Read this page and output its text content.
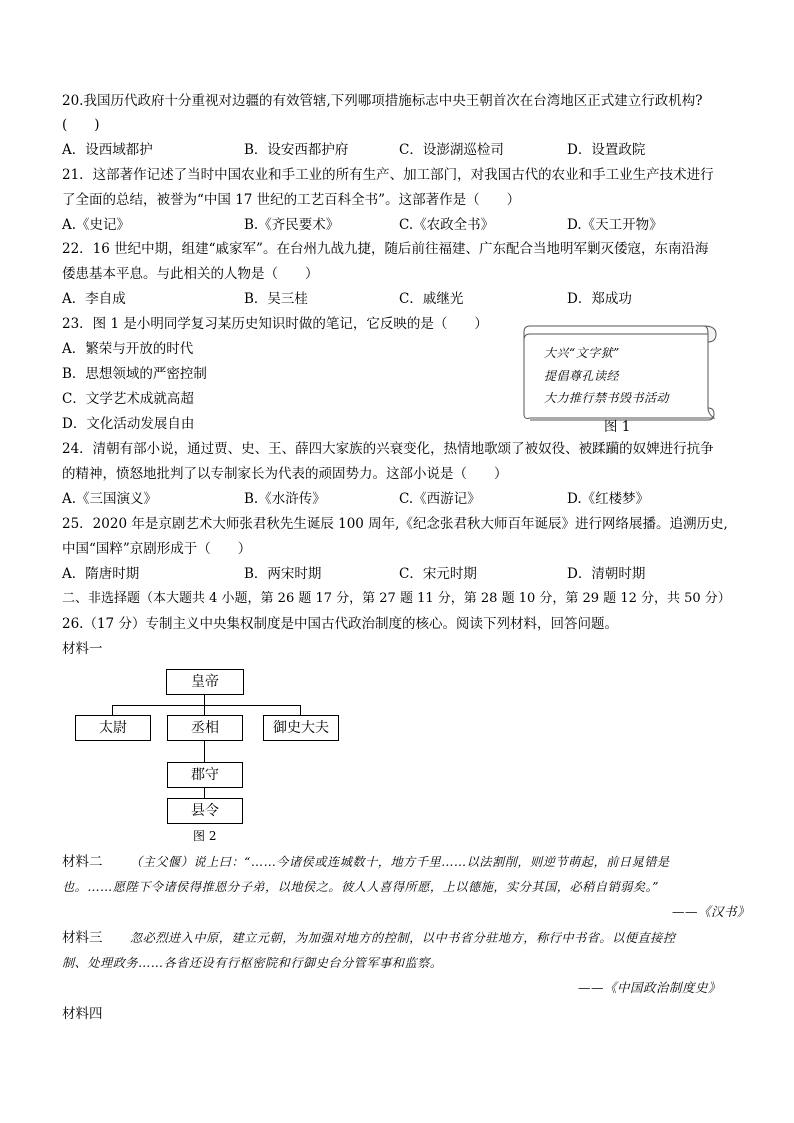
20.我国历代政府十分重视对边疆的有效管辖,下列哪项措施标志中央王朝首次在台湾地区正式建立行政机构?
(　　)
A．设西域都护	B．设安西都护府	C．设澎湖巡检司	D．设置政院
21．这部著作记述了当时中国农业和手工业的所有生产、加工部门，对我国古代的农业和手工业生产技术进行
了全面的总结，被誉为“中国 17 世纪的工艺百科全书”。这部著作是（　　）
A.《史记》	B.《齐民要术》	C.《农政全书》	D.《天工开物》
22．16 世纪中期，组建“戚家军”。在台州九战九捷，随后前往福建、广东配合当地明军剿灭倭寇，东南沿海
倭患基本平息。与此相关的人物是（　　）
A．李自成	B．吴三桂	C．戚继光	D．郑成功
23．图 1 是小明同学复习某历史知识时做的笔记，它反映的是（　　）
A．繁荣与开放的时代
B．思想领域的严密控制
C．文学艺术成就高超
D．文化活动发展自由
大兴“文字狱”
提倡尊孔读经
大力推行禁书毁书活动
图 1
24．清朝有部小说，通过贾、史、王、薛四大家族的兴衰变化，热情地歌颂了被奴役、被蹂躏的奴婢进行抗争
的精神，愤怒地批判了以专制家长为代表的顽固势力。这部小说是（　　）
A.《三国演义》	B.《水浒传》	C.《西游记》	D.《红楼梦》
25．2020 年是京剧艺术大师张君秋先生诞辰 100 周年,《纪念张君秋大师百年诞辰》进行网络展播。追溯历史,
中国“国粹”京剧形成于（　　）
A．隋唐时期	B．两宋时期	C．宋元时期	D．清朝时期
二、非选择题（本大题共 4 小题，第 26 题 17 分，第 27 题 11 分，第 28 题 10 分，第 29 题 12 分，共 50 分）
26.（17 分）专制主义中央集权制度是中国古代政治制度的核心。阅读下列材料，回答问题。
材料一
皇帝
太尉	丞相	御史大夫
郡守
县令
图 2
材料二 （主父偃）说上曰：“……今诸侯或连城数十，地方千里……以法割削，则逆节萌起，前日晁错是
也。……愿陛下令诸侯得推恩分子弟，以地侯之。彼人人喜得所愿，上以德施，实分其国，必稍自销弱矣。”
——《汉书》
材料三 忽必烈进入中原，建立元朝，为加强对地方的控制，以中书省分驻地方，称行中书省。以便直接控
制、处理政务……各省还设有行枢密院和行御史台分管军事和监察。
——《中国政治制度史》
材料四
